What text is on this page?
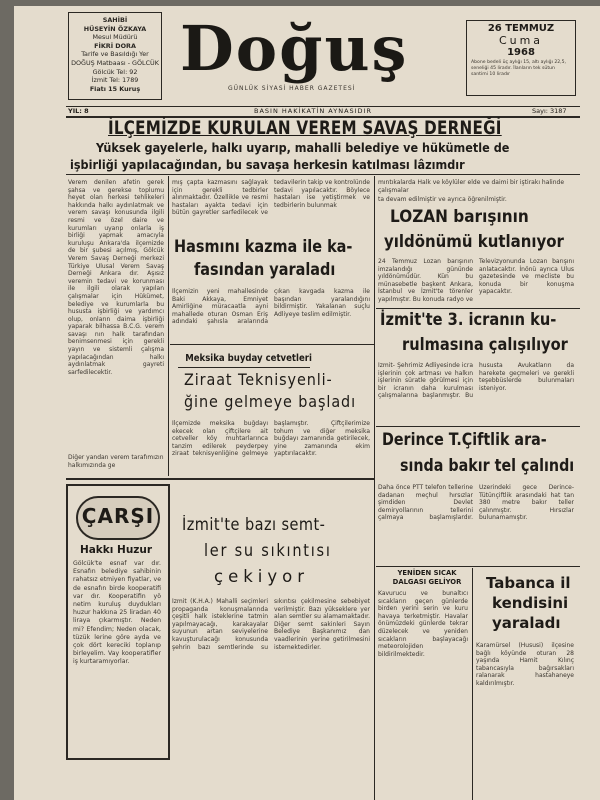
SAHİBİ
HÜSEYİN ÖZKAYA
Mesul Müdürü
FİKRİ DORA
Tarife ve Basıldığı Yer
DOĞUŞ Matbaası - GÖLCÜK
Gölcük Tel: 92
İzmit Tel: 1789
Fiatı 15 Kuruş
Doğuş
GÜNLÜK SİYASİ HABER GAZETESİ
26 TEMMUZ
Cuma
1968
Abone bedeli üç aylığı 15, altı aylığı 22,5, seneliği 45 liradır. İlanların tek sütun santimi 10 liradır
YIL: 8	BASIN HAKİKATİN AYNASIDIR	Sayı: 3187
İLÇEMİZDE KURULAN VEREM SAVAŞ DERNEĞİ
Yüksek gayelerle, halkı uyarıp, mahalli belediye ve hükümetle de
işbirliği yapılacağından, bu savaşa herkesin katılması lâzımdır
Verem denilen afetin gerek şahsa ve gerekse toplumu heyet olan herkesi tehlikeleri hakkında halkı aydınlatmak ve verem savaşı konusunda ilgili resmi ve özel daire ve kurumları uyarıp onlarla iş birliği yapmak amacıyla kuruluşu Ankara'da ilçemizde de bir şubesi açılmış, Gölcük Verem Savaş Derneği merkezi Türkiye Ulusal Verem Savaş Derneği Ankara dır. Aşısız veremin tedavi ve korunması ile ilgili olarak yapılan çalışmalar için Hükümet, belediye ve kurumlarla bu hususta işbirliği ve yardımcı olup, onların daima işbirliği yaparak bilhassa B.C.G. verem savaşı nın halk tarafından benimsenmesi için gerekli yayın ve sistemli çalışma yapılacağından halkı aydınlatmak gayreti sarfedilecektir.
Diğer yandan verem tarafımızın halkımızında ge
mış çapta kazmasını sağlayak için gerekli tedbirler alınmaktadır. Özellikle ve resmi hastaları ayakta tedavi için bütün gayretler sarfedilecek ve tedavilerin takip ve kontrolünde tedavi yapılacaktır. Böylece hastaları ise yetiştirmek ve tedbirlerin bulunmak
Hasmını kazma ile ka-
fasından yaraladı
İlçemizin yeni mahallesinde Baki Akkaya, Emniyet Amirliğine müracaatla ayni mahallede oturan Osman Eriş adındaki şahısla aralarında çıkan kavgada kazma ile başından yaralandığını bildirmiştir. Yakalanan suçlu Adliyeye teslim edilmiştir.
mıntıkalarda Halk ve köylüler elde ve daimi bir iştirakı halinde çalışmalar
ta devam edilmiştir ve ayrıca öğrenilmiştir.
LOZAN barışının
yıldönümü kutlanıyor
24 Temmuz Lozan barışının imzalandığı gününde yıldönümüdür. Kün bu münasebetle başkent Ankara, İstanbul ve İzmit'te törenler yapılmıştır. Bu konuda radyo ve Televizyonunda Lozan barışını anlatacaktır. İnönü ayrıca Ulus gazetesinde ve mecliste bu konuda bir konuşma yapacaktır.
İzmit'te 3. icranın ku-
rulmasına çalışılıyor
İzmit- Şehrimiz Adliyesinde icra işlerinin çok artması ve halkın işlerinin süratle görülmesi için bir icranın daha kurulması çalışmalarına başlanmıştır. Bu hususta Avukatların da harekete geçmeleri ve gerekli teşebbüslerde bulunmaları isteniyor.
Meksika buyday cetvetleri
Ziraat Teknisyenli-
ğine gelmeye başladı
İlçemizde meksika buğdayı ekecek olan çiftçilere ait cetveller köy muhtarlarınca tanzim edilerek peyderpey ziraat teknisyenliğine gelmeye başlamıştır. Çiftçilerimize tohum ve diğer meksika buğdayı zamanında getirilecek, yine zamanında ekim yaptırılacaktır.
Derince T.Çiftlik ara-
sında bakır tel çalındı
Daha önce PTT telefon tellerine dadanan meçhul hırsızlar şimdiden Devlet demiryollarının tellerini çalmaya başlamışlardır. Üzerindeki gece Derince-Tütünçiftlik arasındaki hat tan 380 metre bakır teller çalınmıştır. Hırsızlar bulunamamıştır.
ÇARŞI
Hakkı Huzur
Gölcük'te esnaf var dır. Esnafın belediye sahibinin rahatsız etmiyen fiyatlar, ve de esnafın birde kooperatifi var dır. Kooperatifin yö netim kuruluş duydukları huzur hakkına 25 liradan 40 liraya çıkarmıştır. Neden mi? Efendim; Neden olacak, tüzük lerine göre ayda ve çok dört kereciki toplanıp birleyelim. Vay kooperatifler iş kurtaramıyorlar.
İzmit'te bazı semt-
ler su sıkıntısı
çekiyor
İzmit (K.H.A.) Mahalli seçimleri propaganda konuşmalarında çeşitli halk isteklerine tatmin yapılmayacağı, karakayalar suyunun artan seviyelerine kavuşturulacağı konusunda şehrin bazı semtlerinde su sıkıntısı çekilmesine sebebiyet verilmiştir. Bazı yükseklere yer alan semtler su alamamaktadır. Diğer semt sakinleri Sayın Belediye Başkanımız dan vaadlerinin yerine getirilmesini istemektedirler.
YENİDEN SICAK
DALGASI GELİYOR
Kavurucu ve bunaltıcı sıcakların geçen günlerde birden yerini serin ve kuru havaya terketmiştir. Havalar önümüzdeki günlerde tekrar düzelecek ve yeniden sıcakların başlayacağı meteorolojiden bildirilmektedir.
Tabanca il
kendisini
yaraladı
Karamürsel (Hususi) ilçesine bağlı köyünde oturan 28 yaşında Hamit Kılınç tabancasıyla bağırsakları ralanarak hastahaneye kaldırılmıştır.
